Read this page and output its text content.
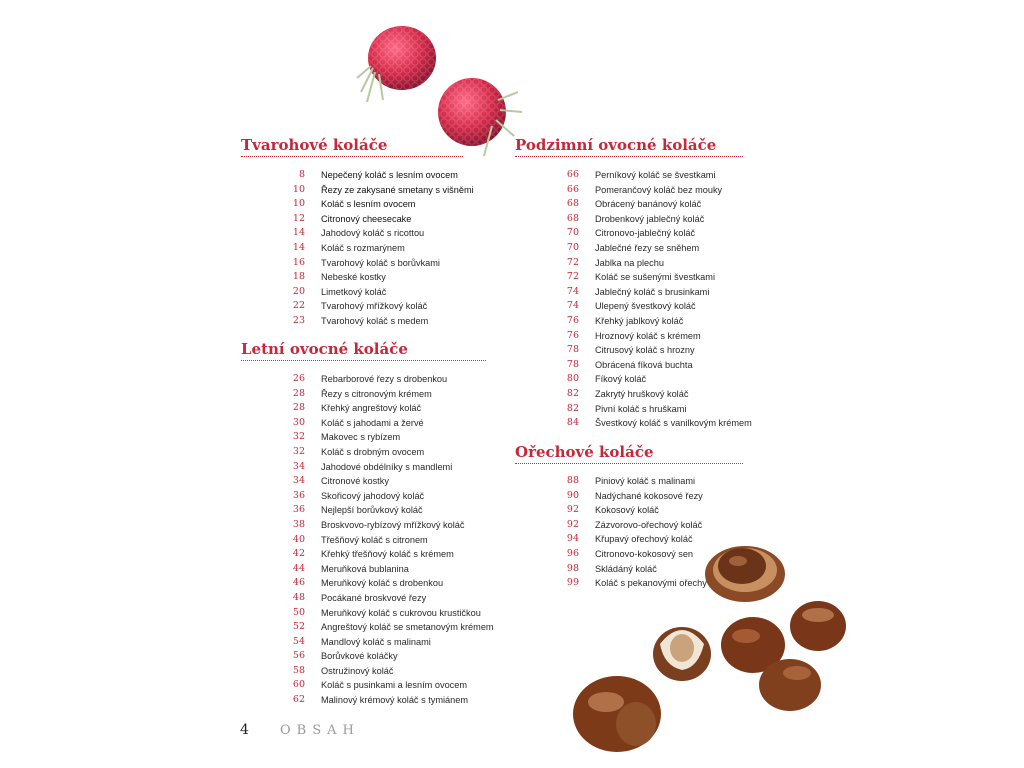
Tvarohové koláče
8 Nepečený koláč s lesním ovocem
10 Řezy ze zakysané smetany s višněmi
10 Koláč s lesním ovocem
12 Citronový cheesecake
14 Jahodový koláč s ricottou
14 Koláč s rozmarýnem
16 Tvarohový koláč s borůvkami
18 Nebeské kostky
20 Limetkový koláč
22 Tvarohový mřížkový koláč
23 Tvarohový koláč s medem
Letní ovocné koláče
26 Rebarborové řezy s drobenkou
28 Řezy s citronovým krémem
28 Křehký angreštový koláč
30 Koláč s jahodami a žervé
32 Makovec s rybízem
32 Koláč s drobným ovocem
34 Jahodové obdélníky s mandlemi
34 Citronové kostky
36 Skořicový jahodový koláč
36 Nejlepší borůvkový koláč
38 Broskvovo-rybízový mřížkový koláč
40 Třešňový koláč s citronem
42 Křehký třešňový koláč s krémem
44 Meruňková bublanina
46 Meruňkový koláč s drobenkou
48 Pocákané broskvové řezy
50 Meruňkový koláč s cukrovou krustičkou
52 Angreštový koláč se smetanovým krémem
54 Mandlový koláč s malinami
56 Borůvkové koláčky
58 Ostružinový koláč
60 Koláč s pusinkami a lesním ovocem
62 Malinový krémový koláč s tymiánem
Podzimní ovocné koláče
66 Perníkový koláč se švestkami
66 Pomerančový koláč bez mouky
68 Obrácený banánový koláč
68 Drobenkový jablečný koláč
70 Citronovo-jablečný koláč
70 Jablečné řezy se sněhem
72 Jablka na plechu
72 Koláč se sušenými švestkami
74 Jablečný koláč s brusinkami
74 Ulepený švestkový koláč
76 Křehký jablkový koláč
76 Hroznový koláč s krémem
78 Citrusový koláč s hrozny
78 Obrácená fíková buchta
80 Fíkový koláč
82 Zakrytý hruškový koláč
82 Pivní koláč s hruškami
84 Švestkový koláč s vanilkovým krémem
Ořechové koláče
88 Piniový koláč s malinami
90 Nadýchané kokosové řezy
92 Kokosový koláč
92 Zázvorovo-ořechový koláč
94 Křupavý ořechový koláč
96 Citronovo-kokosový sen
98 Skládáný koláč
99 Koláč s pekanovými ořechy
4 OBSAH
